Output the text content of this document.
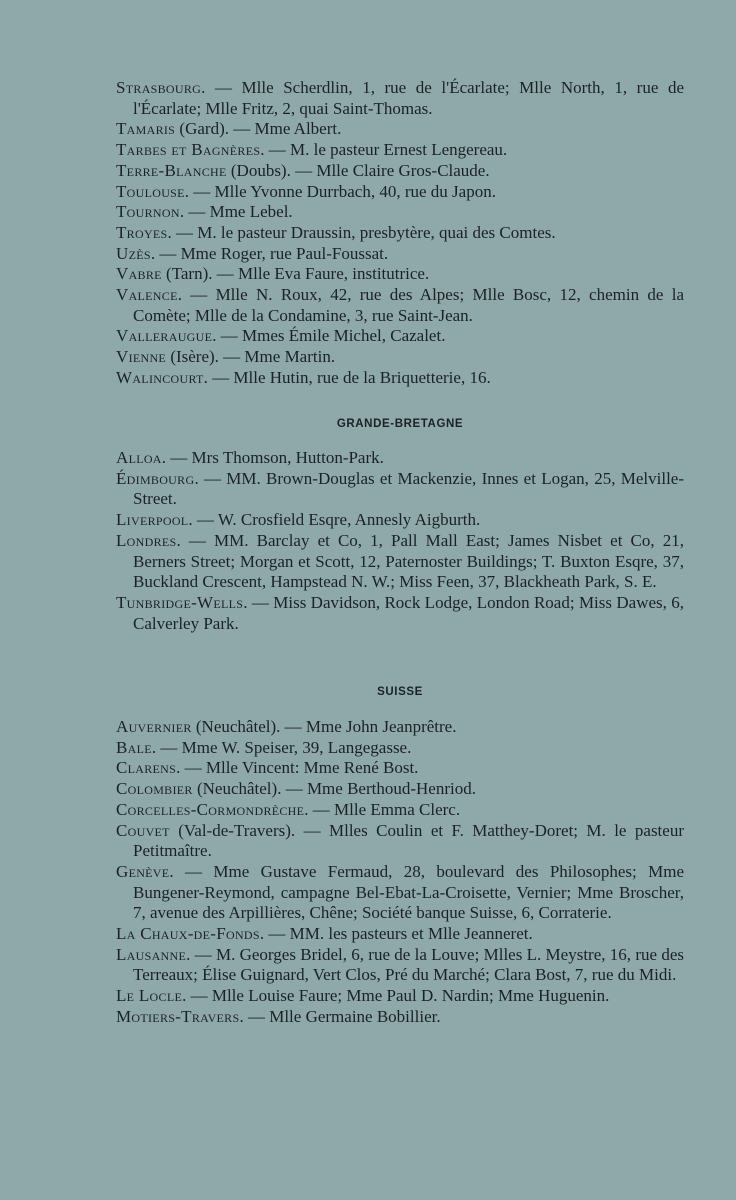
Strasbourg. — Mlle Scherdlin, 1, rue de l'Écarlate; Mlle North, 1, rue de l'Écarlate; Mlle Fritz, 2, quai Saint-Thomas.
Tamaris (Gard). — Mme Albert.
Tarbes et Bagnères. — M. le pasteur Ernest Lengereau.
Terre-Blanche (Doubs). — Mlle Claire Gros-Claude.
Toulouse. — Mlle Yvonne Durrbach, 40, rue du Japon.
Tournon. — Mme Lebel.
Troyes. — M. le pasteur Draussin, presbytère, quai des Comtes.
Uzès. — Mme Roger, rue Paul-Foussat.
Vabre (Tarn). — Mlle Eva Faure, institutrice.
Valence. — Mlle N. Roux, 42, rue des Alpes; Mlle Bosc, 12, chemin de la Comète; Mlle de la Condamine, 3, rue Saint-Jean.
Valleraugue. — Mmes Émile Michel, Cazalet.
Vienne (Isère). — Mme Martin.
Walincourt. — Mlle Hutin, rue de la Briquetterie, 16.
GRANDE-BRETAGNE
Alloa. — Mrs Thomson, Hutton-Park.
Édimbourg. — MM. Brown-Douglas et Mackenzie, Innes et Logan, 25, Melville-Street.
Liverpool. — W. Crosfield Esqre, Annesly Aigburth.
Londres. — MM. Barclay et Co, 1, Pall Mall East; James Nisbet et Co, 21, Berners Street; Morgan et Scott, 12, Paternoster Buildings; T. Buxton Esqre, 37, Buckland Crescent, Hampstead N. W.; Miss Feen, 37, Blackheath Park, S. E.
Tunbridge-Wells. — Miss Davidson, Rock Lodge, London Road; Miss Dawes, 6, Calverley Park.
SUISSE
Auvernier (Neuchâtel). — Mme John Jeanprêtre.
Bale. — Mme W. Speiser, 39, Langegasse.
Clarens. — Mlle Vincent: Mme René Bost.
Colombier (Neuchâtel). — Mme Berthoud-Henriod.
Corcelles-Cormondrèche. — Mlle Emma Clerc.
Couvet (Val-de-Travers). — Mlles Coulin et F. Matthey-Doret; M. le pasteur Petitmaître.
Genève. — Mme Gustave Fermaud, 28, boulevard des Philosophes; Mme Bungener-Reymond, campagne Bel-Ebat-La-Croisette, Vernier; Mme Broscher, 7, avenue des Arpillières, Chêne; Société banque Suisse, 6, Corraterie.
La Chaux-de-Fonds. — MM. les pasteurs et Mlle Jeanneret.
Lausanne. — M. Georges Bridel, 6, rue de la Louve; Mlles L. Meystre, 16, rue des Terreaux; Élise Guignard, Vert Clos, Pré du Marché; Clara Bost, 7, rue du Midi.
Le Locle. — Mlle Louise Faure; Mme Paul D. Nardin; Mme Huguenin.
Motiers-Travers. — Mlle Germaine Bobillier.
